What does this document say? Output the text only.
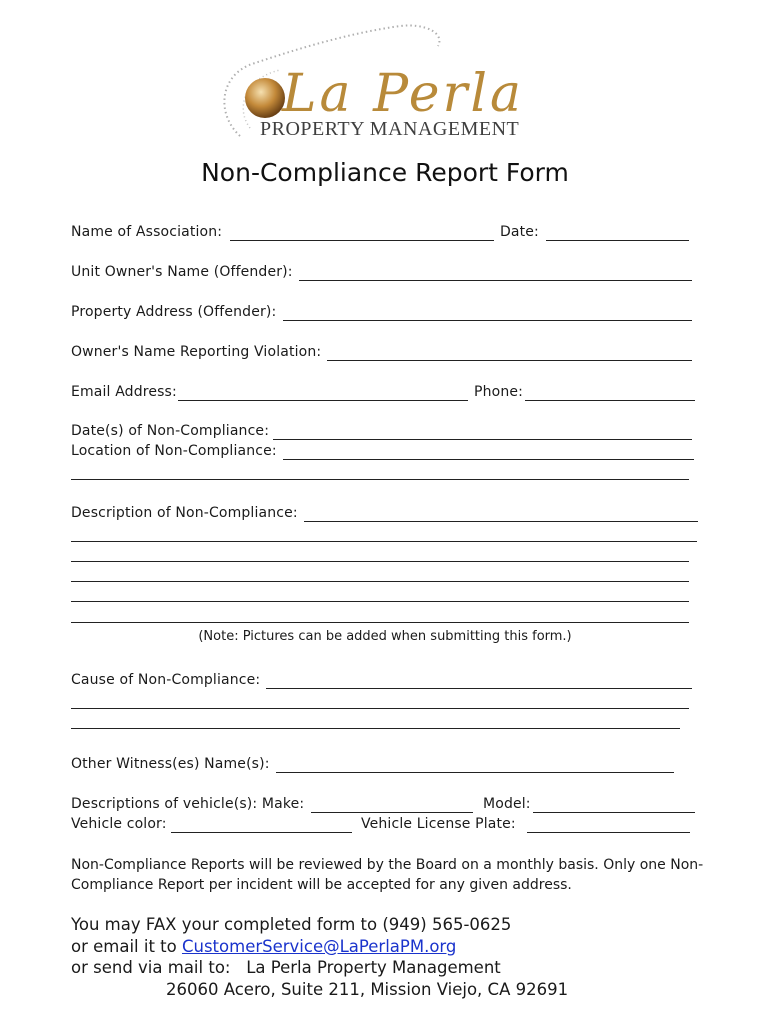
La Perla
PROPERTY MANAGEMENT
Non-Compliance Report Form
Name of Association:	Date:
Unit Owner's Name (Offender):
Property Address (Offender):
Owner's Name Reporting Violation:
Email Address:	Phone:
Date(s) of Non-Compliance:
Location of Non-Compliance:
Description of Non-Compliance:
(Note: Pictures can be added when submitting this form.)
Cause of Non-Compliance:
Other Witness(es) Name(s):
Descriptions of vehicle(s): Make:	Model:
Vehicle color:	Vehicle License Plate:
Non-Compliance Reports will be reviewed by the Board on a monthly basis. Only one Non-Compliance Report per incident will be accepted for any given address.
You may FAX your completed form to (949) 565-0625
or email it to CustomerService@LaPerlaPM.org
or send via mail to:   La Perla Property Management
26060 Acero, Suite 211, Mission Viejo, CA 92691
